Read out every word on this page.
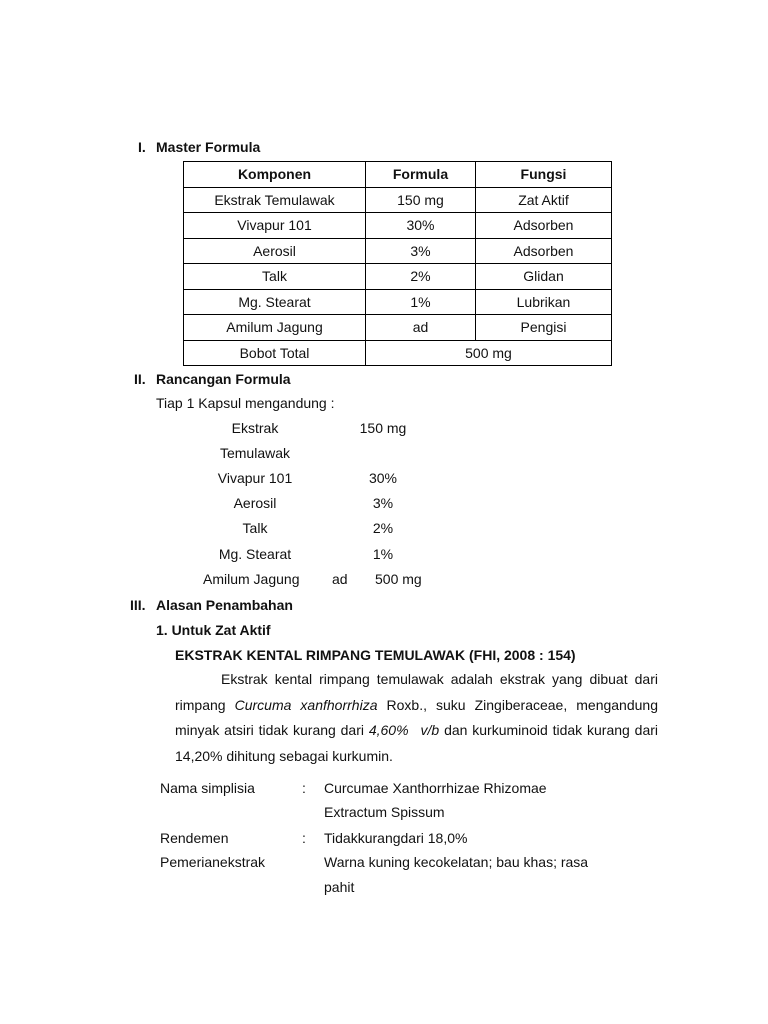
I. Master Formula
Komponen	Formula	Fungsi
Ekstrak Temulawak	150 mg	Zat Aktif
Vivapur 101	30%	Adsorben
Aerosil	3%	Adsorben
Talk	2%	Glidan
Mg. Stearat	1%	Lubrikan
Amilum Jagung	ad	Pengisi
Bobot Total	500 mg	
II. Rancangan Formula
Tiap 1 Kapsul mengandung :
Ekstrak	150 mg
Temulawak
Vivapur 101	30%
Aerosil	3%
Talk	2%
Mg. Stearat	1%
Amilum Jagung ad 500 mg
III. Alasan Penambahan
1. Untuk Zat Aktif
EKSTRAK KENTAL RIMPANG TEMULAWAK (FHI, 2008 : 154)

Ekstrak kental rimpang temulawak adalah ekstrak yang dibuat dari rimpang Curcuma xanfhorrhiza Roxb., suku Zingiberaceae, mengandung minyak atsiri tidak kurang dari 4,60% v/b dan kurkuminoid tidak kurang dari 14,20% dihitung sebagai kurkumin.

Nama simplisia	: Curcumae Xanthorrhizae Rhizomae
Extractum Spissum
Rendemen	: Tidakkurangdari 18,0%
Pemerianekstrak	Warna kuning kecokelatan; bau khas; rasa
pahit
